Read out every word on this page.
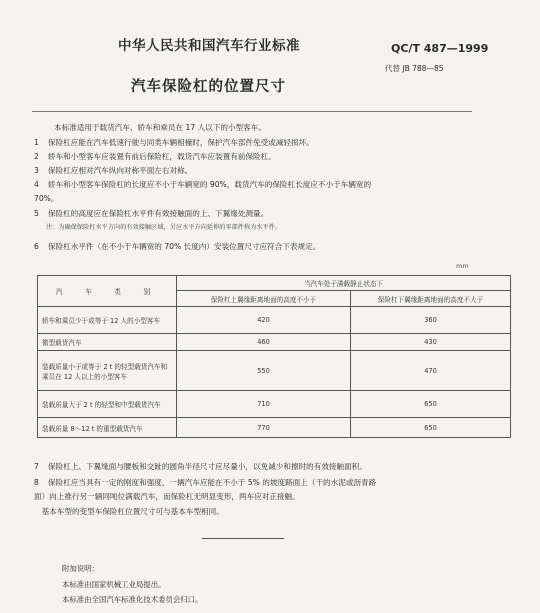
中华人民共和国汽车行业标准	QC/T 487—1999
代替 JB 788—85
汽车保险杠的位置尺寸
本标准适用于载货汽车、轿车和乘员在 17 人以下的小型客车。
1 保险杠应能在汽车低速行驶与同类车辆相撞时，保护汽车部件免受或减轻损坏。
2 轿车和小型客车应装置有前后保险杠，载货汽车应装置有前保险杠。
3 保险杠应相对汽车纵向对称平面左右对称。
4 轿车和小型客车保险杠的长度应不小于车辆宽的 90%，载货汽车的保险杠长度应不小于车辆宽的
70%。
5 保险杠的高度应在保险杠水平件有效接触面的上、下翼缘处测量。
注：为确保保险杠水平方向的有效接触区域，另应水平方向延伸的零部件称为水平件。
6 保险杠水平件（在不小于车辆宽的 70% 长度内）安装位置尺寸应符合下表规定。
mm
汽　车　类　别	当汽车处于满载静止状态下	
	保险杠上翼缘距离地面的高度不小于	保险杠下翼缘距离地面的高度不大于
轿车和乘员少于或等于 12 人的小型客车	420	360
微型载货汽车	460	430
装载质量小于或等于 2 t 的轻型载货汽车和乘员在 12 人以上的小型客车	550	470
装载质量大于 2 t 的轻型和中型载货汽车	710	650
装载质量 8～12 t 的重型载货汽车	770	650
7 保险杠上、下翼缘面与腰板和交趾的圆角半径尺寸应尽量小，以免减少和擦时的有效接触面积。
8 保险杠应当具有一定的刚度和强度，一辆汽车应能在不小于 5% 的坡度路面上（干的水泥或沥青路
面）向上推行另一辆同吨位满载汽车，而保险杠无明显变形，两车应对正接触。
　基本车型的变型车保险杠位置尺寸可与基本车型相同。
附加说明：
本标准由国家机械工业局提出。
本标准由全国汽车标准化技术委员会归口。
